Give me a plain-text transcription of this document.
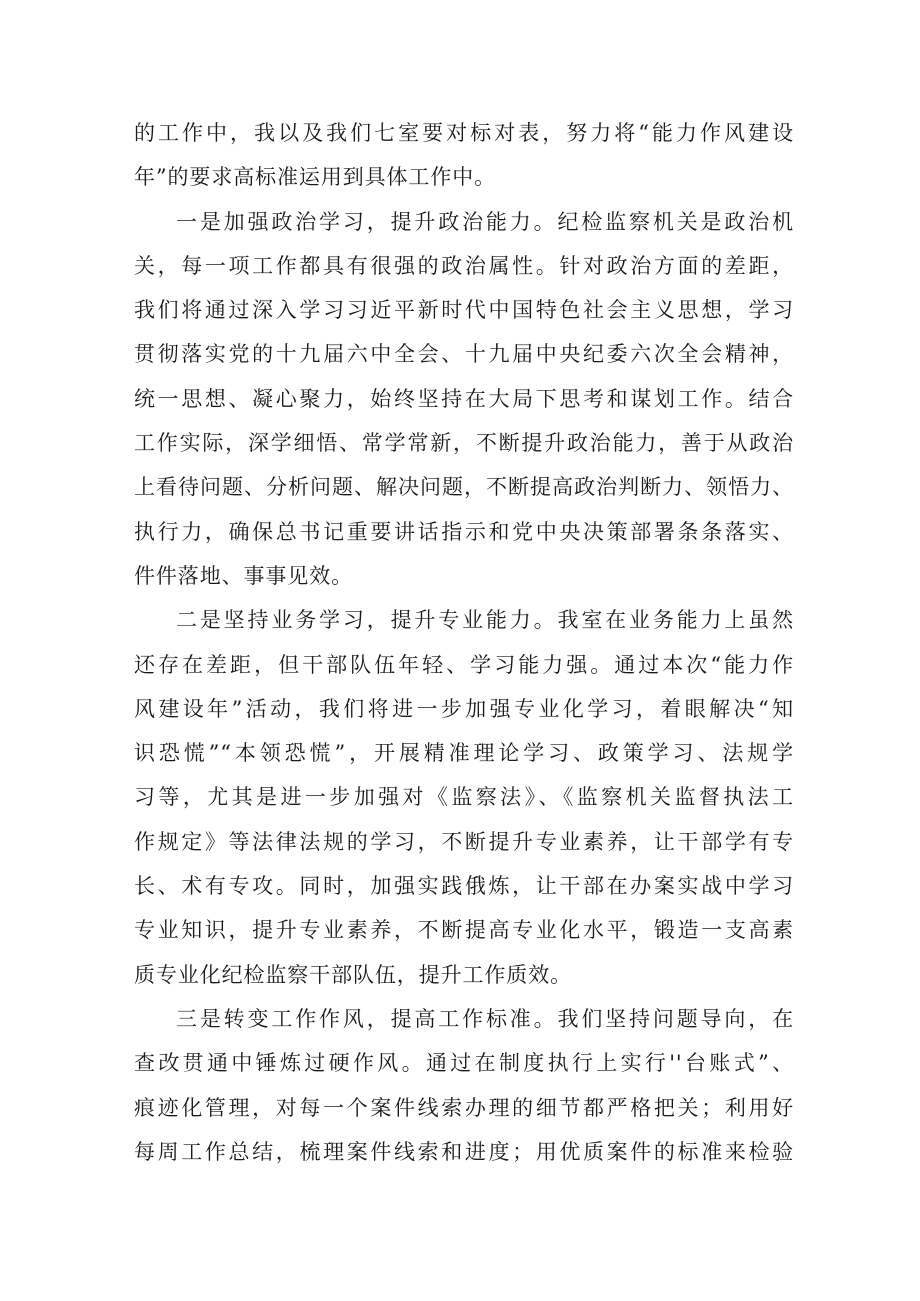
的工作中，我以及我们七室要对标对表，努力将“能力作风建设
年”的要求高标准运用到具体工作中。
一是加强政治学习，提升政治能力。纪检监察机关是政治机
关，每一项工作都具有很强的政治属性。针对政治方面的差距，
我们将通过深入学习习近平新时代中国特色社会主义思想，学习
贯彻落实党的十九届六中全会、十九届中央纪委六次全会精神，
统一思想、凝心聚力，始终坚持在大局下思考和谋划工作。结合
工作实际，深学细悟、常学常新，不断提升政治能力，善于从政治
上看待问题、分析问题、解决问题，不断提高政治判断力、领悟力、
执行力，确保总书记重要讲话指示和党中央决策部署条条落实、
件件落地、事事见效。
二是坚持业务学习，提升专业能力。我室在业务能力上虽然
还存在差距，但干部队伍年轻、学习能力强。通过本次“能力作
风建设年”活动，我们将进一步加强专业化学习，着眼解决“知
识恐慌”“本领恐慌”，开展精准理论学习、政策学习、法规学
习等，尤其是进一步加强对《监察法》、《监察机关监督执法工
作规定》等法律法规的学习，不断提升专业素养，让干部学有专
长、术有专攻。同时，加强实践俄炼，让干部在办案实战中学习
专业知识，提升专业素养，不断提高专业化水平，锻造一支高素
质专业化纪检监察干部队伍，提升工作质效。
三是转变工作作风，提高工作标准。我们坚持问题导向，在
查改贯通中锤炼过硬作风。通过在制度执行上实行''台账式”、
痕迹化管理，对每一个案件线索办理的细节都严格把关；利用好
每周工作总结，梳理案件线索和进度；用优质案件的标准来检验
